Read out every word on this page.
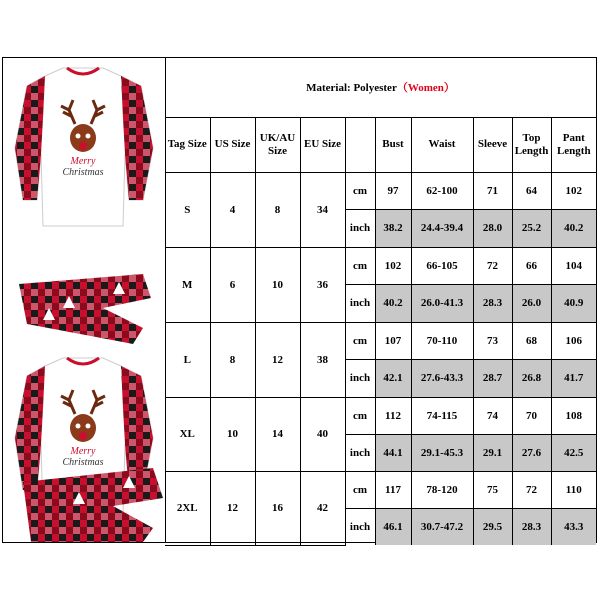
Merry
Christmas
Merry
Christmas
Material: Polyester（Women）									
Tag Size	US Size	UK/AU Size	EU Size		Bust	Waist	Sleeve	Top Length	Pant Length
S	4	8	34	cm	97	62-100	71	64	102
				inch	38.2	24.4-39.4	28.0	25.2	40.2
M	6	10	36	cm	102	66-105	72	66	104
				inch	40.2	26.0-41.3	28.3	26.0	40.9
L	8	12	38	cm	107	70-110	73	68	106
				inch	42.1	27.6-43.3	28.7	26.8	41.7
XL	10	14	40	cm	112	74-115	74	70	108
				inch	44.1	29.1-45.3	29.1	27.6	42.5
2XL	12	16	42	cm	117	78-120	75	72	110
				inch	46.1	30.7-47.2	29.5	28.3	43.3
